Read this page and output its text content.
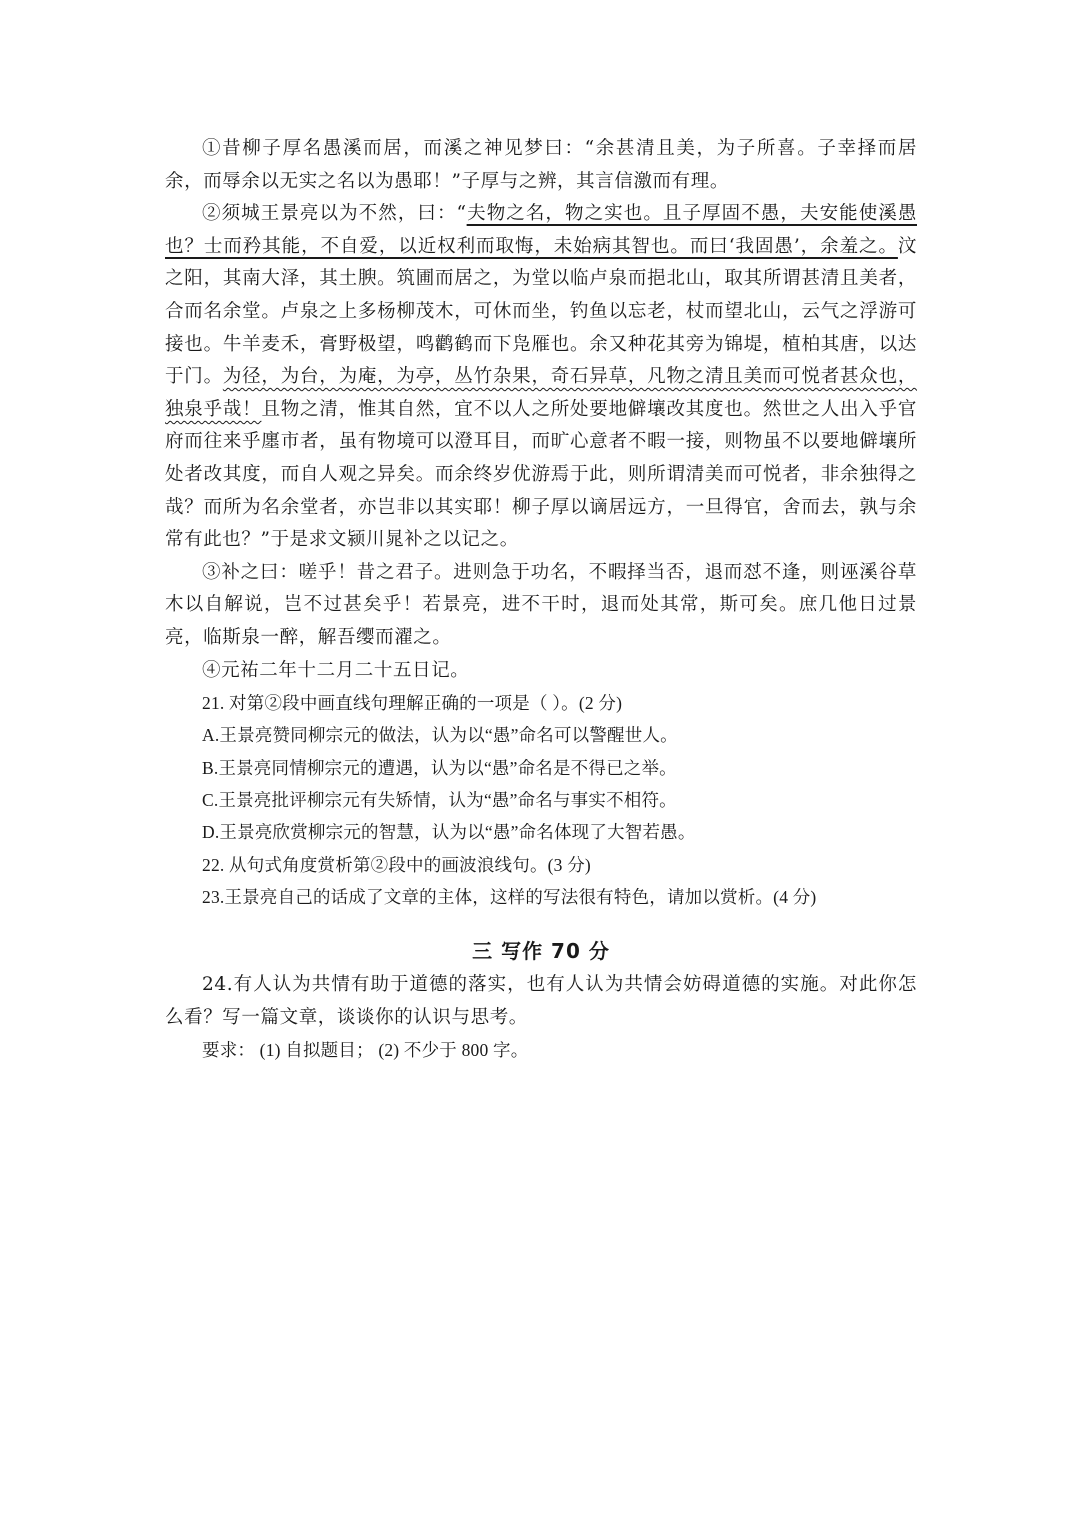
①昔柳子厚名愚溪而居，而溪之神见梦曰：“余甚清且美，为子所喜。子幸择而居余，而辱余以无实之名以为愚耶！”子厚与之辨，其言信激而有理。

②须城王景亮以为不然，曰：“夫物之名，物之实也。且子厚固不愚，夫安能使溪愚也？士而矜其能，不自爱，以近权利而取悔，未始病其智也。而曰‘我固愚’，余羞之。汶之阳，其南大泽，其土腴。筑圃而居之，为堂以临卢泉而挹北山，取其所谓甚清且美者，合而名余堂。卢泉之上多杨柳茂木，可休而坐，钓鱼以忘老，杖而望北山，云气之浮游可接也。牛羊麦禾，膏野极望，鸣鹳鹤而下凫雁也。余又种花其旁为锦堤，植柏其唐，以达于门。为径，为台，为庵，为亭，丛竹杂果，奇石异草，凡物之清且美而可悦者甚众也，独泉乎哉！且物之清，惟其自然，宜不以人之所处要地僻壤改其度也。然世之人出入乎官府而往来乎廛市者，虽有物境可以澄耳目，而旷心意者不暇一接，则物虽不以要地僻壤所处者改其度，而自人观之异矣。而余终岁优游焉于此，则所谓清美而可悦者，非余独得之哉？而所为名余堂者，亦岂非以其实耶！柳子厚以谪居远方，一旦得官，舍而去，孰与余常有此也？”于是求文颍川晁补之以记之。

③补之曰：嗟乎！昔之君子。进则急于功名，不暇择当否，退而怼不逢，则诬溪谷草木以自解说，岂不过甚矣乎！若景亮，进不干时，退而处其常，斯可矣。庶几他日过景亮，临斯泉一醉，解吾缨而濯之。

④元祐二年十二月二十五日记。

21. 对第②段中画直线句理解正确的一项是（ ）。(2 分)

A.王景亮赞同柳宗元的做法，认为以“愚”命名可以警醒世人。

B.王景亮同情柳宗元的遭遇，认为以“愚”命名是不得已之举。

C.王景亮批评柳宗元有失矫情，认为“愚”命名与事实不相符。

D.王景亮欣赏柳宗元的智慧，认为以“愚”命名体现了大智若愚。

22. 从句式角度赏析第②段中的画波浪线句。(3 分)

23.王景亮自己的话成了文章的主体，这样的写法很有特色，请加以赏析。(4 分)

三 写作 70 分

24.有人认为共情有助于道德的落实，也有人认为共情会妨碍道德的实施。对此你怎么看？写一篇文章，谈谈你的认识与思考。

要求： (1) 自拟题目； (2) 不少于 800 字。
